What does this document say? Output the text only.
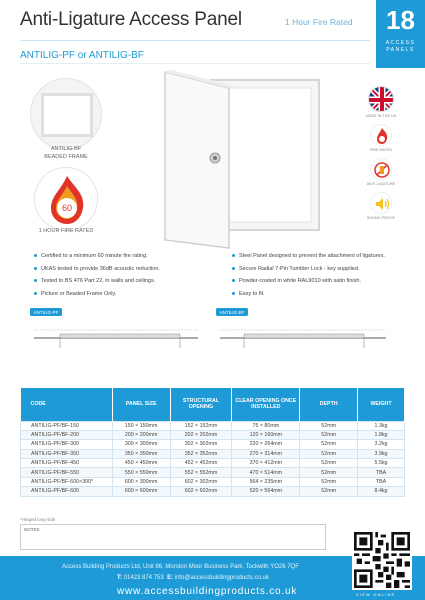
Anti-Ligature Access Panel	1 Hour Fire Rated	18
ACCESS
PANELS
ANTILIG-PF or ANTILIG-BF
ANTILIG-BF
BEADED FRAME
60
1 HOUR FIRE RATED
MADE IN THE UK
FIRE RATED
ANTI-LIGATURE
SOUND PROOF
Certified to a minimum 60 minute fire rating.
UKAS tested to provide 36dB acoustic reduction.
Tested to BS 476 Part 22, in walls and ceilings.
Picture or Beaded Frame Only.
Steel Panel designed to prevent the attachment of ligatures.
Secure Radial 7-Pin Tumbler Lock - key supplied.
Powder-coated in white RAL9010 with satin finish.
Easy to fit.
ANTILIG-PF	ANTILIG-BF
CODE	PANEL SIZE	STRUCTURAL OPENING	CLEAR OPENING ONCE INSTALLED	DEPTH	WEIGHT
ANTILIG-PF/BF-150	150 × 150mm	152 × 152mm	75 × 80mm	52mm	1.3kg
ANTILIG-PF/BF-200	200 × 200mm	202 × 202mm	120 × 160mm	52mm	1.8kg
ANTILIG-PF/BF-300	300 × 300mm	302 × 302mm	220 × 264mm	52mm	3.2kg
ANTILIG-PF/BF-350	350 × 350mm	352 × 352mm	270 × 314mm	52mm	3.9kg
ANTILIG-PF/BF-450	450 × 450mm	452 × 452mm	370 × 412mm	52mm	5.5kg
ANTILIG-PF/BF-550	550 × 550mm	552 × 552mm	470 × 514mm	52mm	TBA
ANTILIG-PF/BF-600×300*	600 × 300mm	602 × 302mm	564 × 235mm	52mm	TBA
ANTILIG-PF/BF-600	600 × 600mm	602 × 602mm	520 × 564mm	52mm	8.4kg
*Hinged long side
NOTES
Access Building Products Ltd, Unit 86, Morston Moor Business Park, Tockwith YO26 7QF
T: 01423 874 753 E: info@accessbuildingproducts.co.uk
www.accessbuildingproducts.co.uk	VIEW ONLINE
